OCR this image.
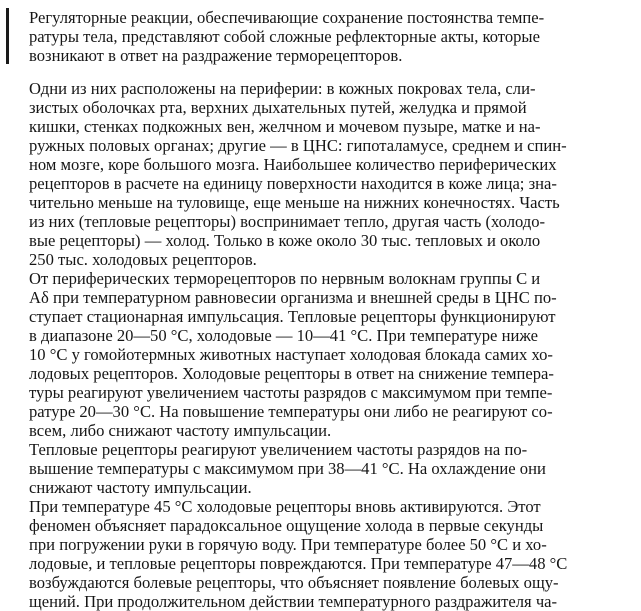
Регуляторные реакции, обеспечивающие сохранение постоянства темпе-
ратуры тела, представляют собой сложные рефлекторные акты, которые
возникают в ответ на раздражение терморецепторов.

Одни из них расположены на периферии: в кожных покровах тела, сли-
зистых оболочках рта, верхних дыхательных путей, желудка и прямой
кишки, стенках подкожных вен, желчном и мочевом пузыре, матке и на-
ружных половых органах; другие — в ЦНС: гипоталамусе, среднем и спин-
ном мозге, коре большого мозга. Наибольшее количество периферических
рецепторов в расчете на единицу поверхности находится в коже лица; зна-
чительно меньше на туловище, еще меньше на нижних конечностях. Часть
из них (тепловые рецепторы) воспринимает тепло, другая часть (холодо-
вые рецепторы) — холод. Только в коже около 30 тыс. тепловых и около
250 тыс. холодовых рецепторов.

От периферических терморецепторов по нервным волокнам группы С и
Aδ при температурном равновесии организма и внешней среды в ЦНС по-
ступает стационарная импульсация. Тепловые рецепторы функционируют
в диапазоне 20—50 °С, холодовые — 10—41 °С. При температуре ниже
10 °С у гомойотермных животных наступает холодовая блокада самих хо-
лодовых рецепторов. Холодовые рецепторы в ответ на снижение темпера-
туры реагируют увеличением частоты разрядов с максимумом при темпе-
ратуре 20—30 °С. На повышение температуры они либо не реагируют со-
всем, либо снижают частоту импульсации.

Тепловые рецепторы реагируют увеличением частоты разрядов на по-
вышение температуры с максимумом при 38—41 °С. На охлаждение они
снижают частоту импульсации.

При температуре 45 °С холодовые рецепторы вновь активируются. Этот
феномен объясняет парадоксальное ощущение холода в первые секунды
при погружении руки в горячую воду. При температуре более 50 °С и хо-
лодовые, и тепловые рецепторы повреждаются. При температуре 47—48 °С
возбуждаются болевые рецепторы, что объясняет появление болевых ощу-
щений. При продолжительном действии температурного раздражителя ча-
